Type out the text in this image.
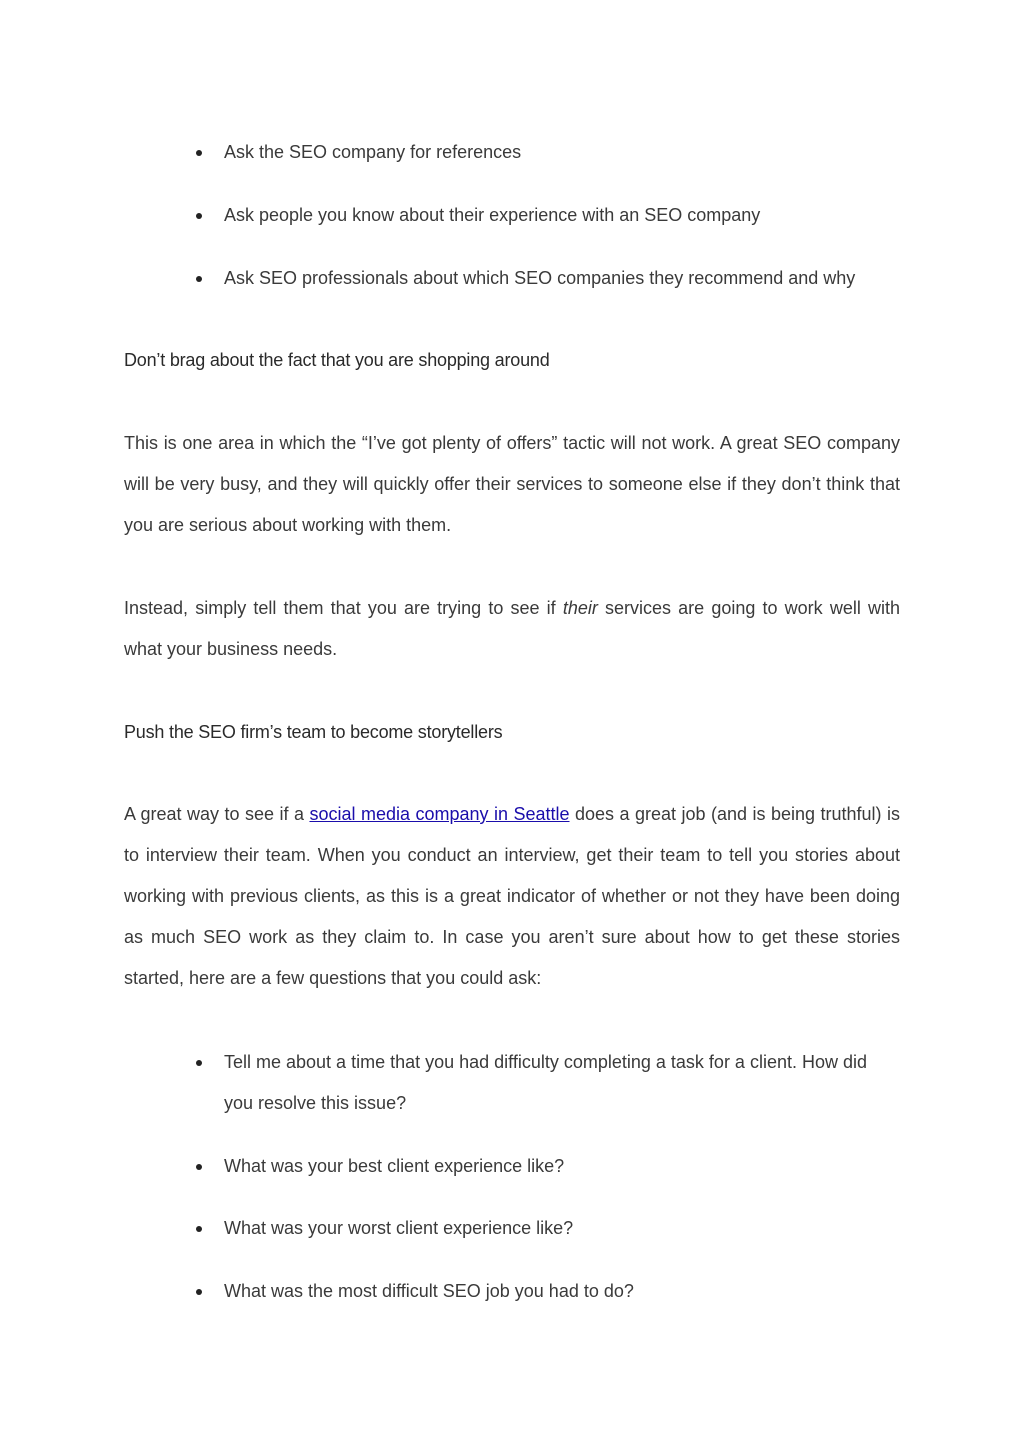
Ask the SEO company for references
Ask people you know about their experience with an SEO company
Ask SEO professionals about which SEO companies they recommend and why
Don’t brag about the fact that you are shopping around
This is one area in which the “I’ve got plenty of offers” tactic will not work. A great SEO company will be very busy, and they will quickly offer their services to someone else if they don’t think that you are serious about working with them.
Instead, simply tell them that you are trying to see if their services are going to work well with what your business needs.
Push the SEO firm’s team to become storytellers
A great way to see if a social media company in Seattle does a great job (and is being truthful) is to interview their team. When you conduct an interview, get their team to tell you stories about working with previous clients, as this is a great indicator of whether or not they have been doing as much SEO work as they claim to. In case you aren’t sure about how to get these stories started, here are a few questions that you could ask:
Tell me about a time that you had difficulty completing a task for a client. How did you resolve this issue?
What was your best client experience like?
What was your worst client experience like?
What was the most difficult SEO job you had to do?
